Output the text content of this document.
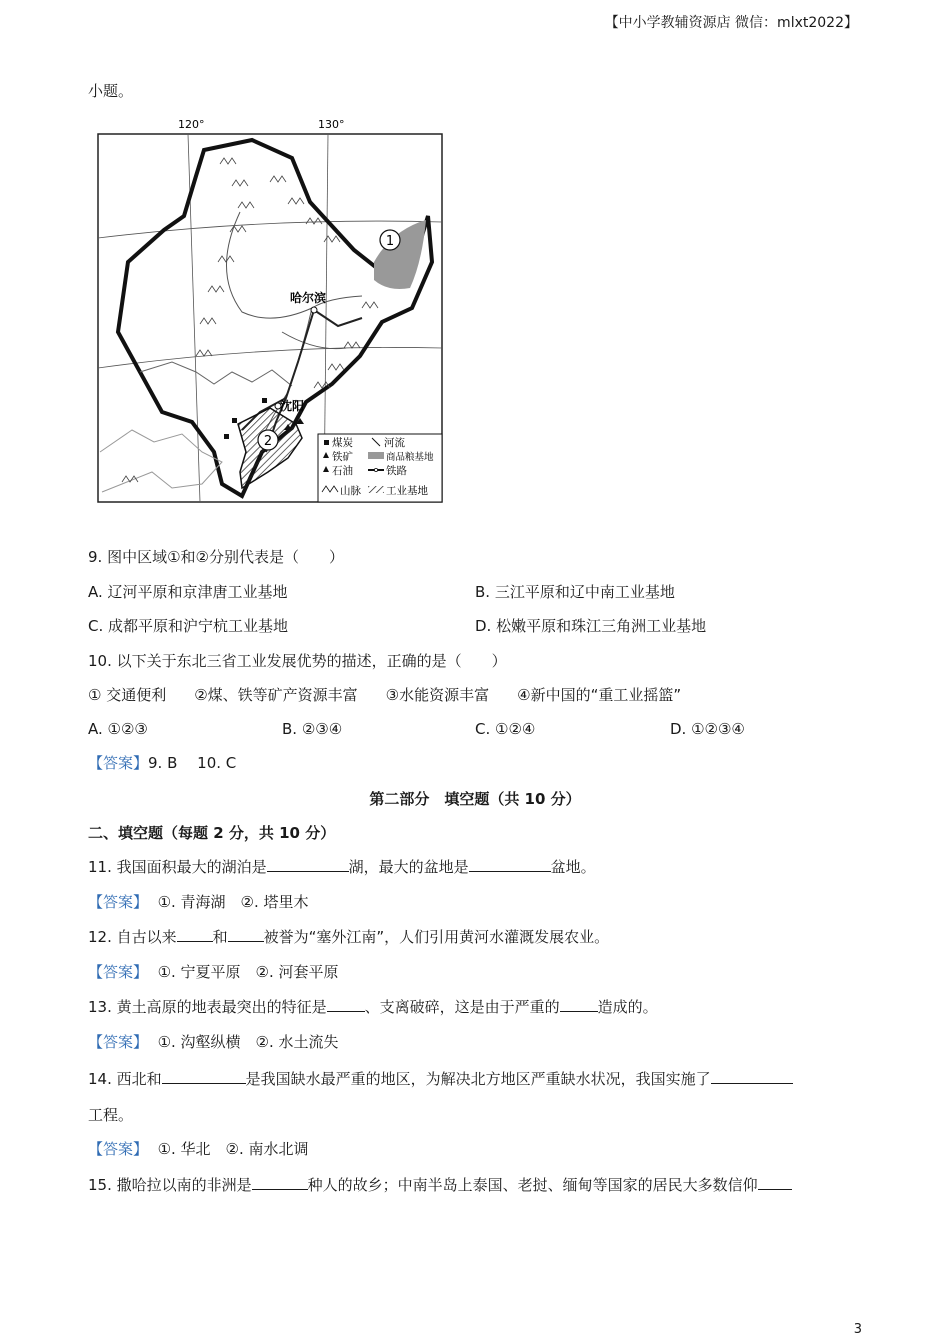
【中小学教辅资源店 微信：mlxt2022】
小题。
120°	130°
1
2
哈尔滨
沈阳
煤炭	河流
铁矿	商品粮基地
石油	铁路
山脉 工业基地
9. 图中区域①和②分别代表是（　　）
A. 辽河平原和京津唐工业基地	B. 三江平原和辽中南工业基地
C. 成都平原和沪宁杭工业基地	D. 松嫩平原和珠江三角洲工业基地
10. 以下关于东北三省工业发展优势的描述，正确的是（　　）
① 交通便利 ②煤、铁等矿产资源丰富 ③水能资源丰富 ④新中国的“重工业摇篮”
A. ①②③	B. ②③④	C. ①②④	D. ①②③④
【答案】9. B　 10. C
第二部分　填空题（共 10 分）
二、填空题（每题 2 分，共 10 分）
11. 我国面积最大的湖泊是	湖，最大的盆地是	盆地。
【答案】 ①. 青海湖　②. 塔里木
12. 自古以来 和 被誉为“塞外江南”，人们引用黄河水灌溉发展农业。
【答案】 ①. 宁夏平原　②. 河套平原
13. 黄土高原的地表最突出的特征是	、支离破碎，这是由于严重的	造成的。
【答案】 ①. 沟壑纵横　②. 水土流失
14. 西北和	是我国缺水最严重的地区，为解决北方地区严重缺水状况，我国实施了
工程。
【答案】 ①. 华北　②. 南水北调
15. 撒哈拉以南的非洲是	种人的故乡；中南半岛上泰国、老挝、缅甸等国家的居民大多数信仰
3
